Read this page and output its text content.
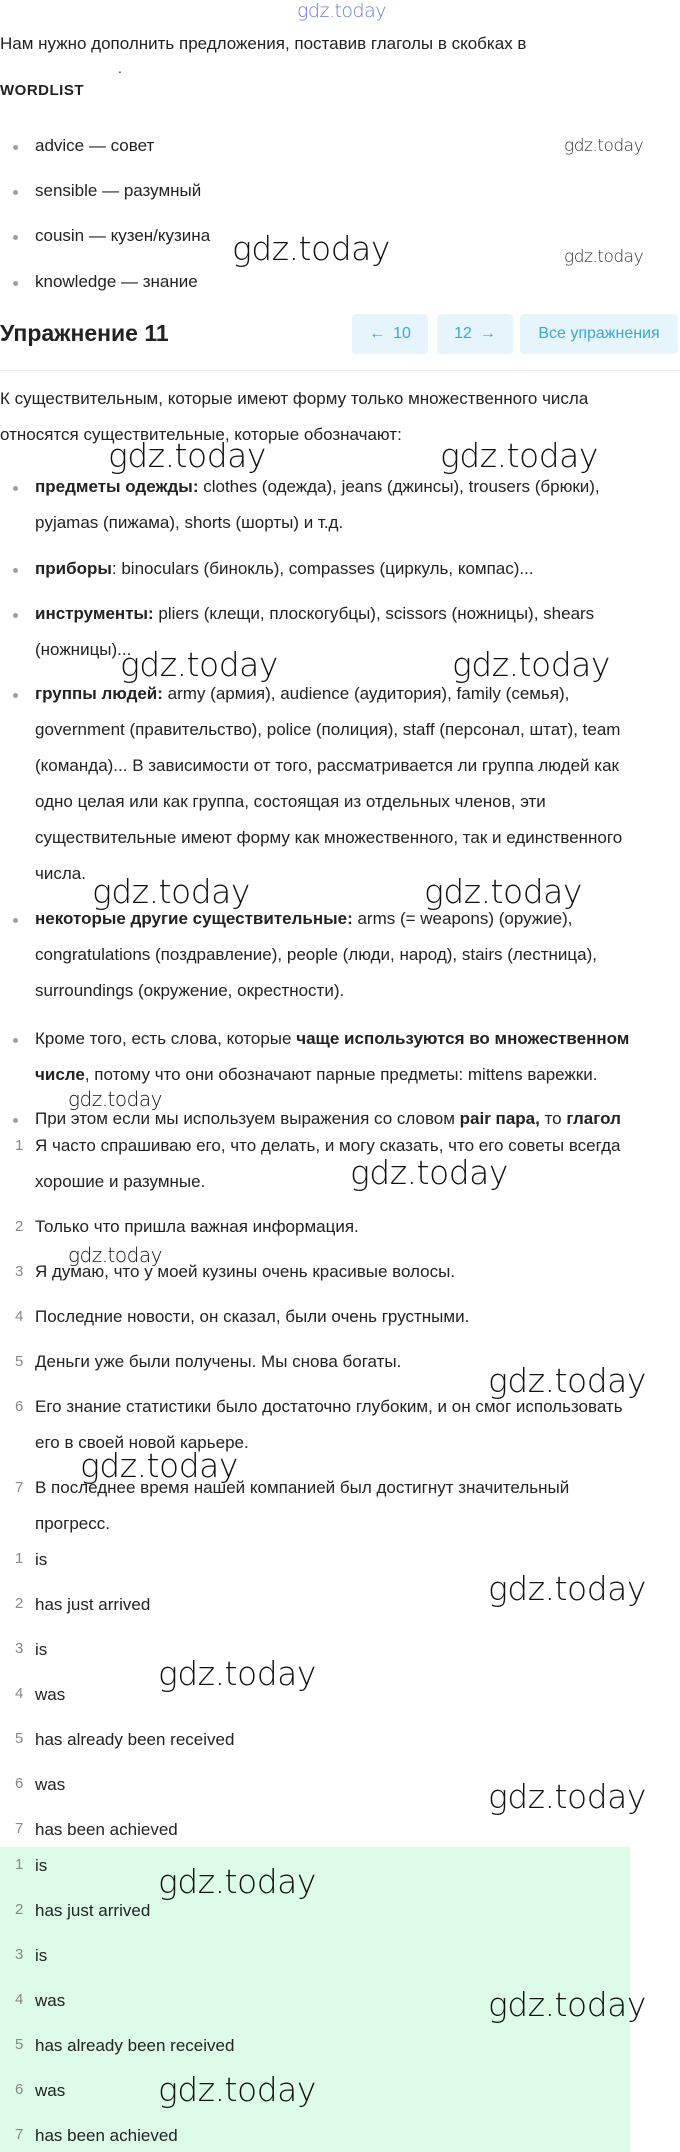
gdz.today
Нам нужно дополнить предложения, поставив глаголы в скобках в
.
WORDLIST
advice — совет
sensible — разумный
cousin — кузен/кузина
knowledge — знание
Упражнение 11	← 10	12 →	Все упражнения
К существительным, которые имеют форму только множественного числа
относятся существительные, которые обозначают:
предметы одежды: clothes (одежда), jeans (джинсы), trousers (брюки),
pyjamas (пижама), shorts (шорты) и т.д.
приборы: binoculars (бинокль), compasses (циркуль, компас)...
инструменты: pliers (клещи, плоскогубцы), scissors (ножницы), shears
(ножницы)...
группы людей: army (армия), audience (аудитория), family (семья),
government (правительство), police (полиция), staff (персонал, штат), team
(команда)... В зависимости от того, рассматривается ли группа людей как
одно целая или как группа, состоящая из отдельных членов, эти
существительные имеют форму как множественного, так и единственного
числа.
некоторые другие существительные: arms (= weapons) (оружие),
congratulations (поздравление), people (люди, народ), stairs (лестница),
surroundings (окружение, окрестности).
Кроме того, есть слова, которые чаще используются во множественном
числе, потому что они обозначают парные предметы: mittens варежки.
При этом если мы используем выражения со словом pair пара, то глагол
1 Я часто спрашиваю его, что делать, и могу сказать, что его советы всегда
хорошие и разумные.
2 Только что пришла важная информация.
3 Я думаю, что у моей кузины очень красивые волосы.
4 Последние новости, он сказал, были очень грустными.
5 Деньги уже были получены. Мы снова богаты.
6 Его знание статистики было достаточно глубоким, и он смог использовать
его в своей новой карьере.
7 В последнее время нашей компанией был достигнут значительный
прогресс.
1 is
2 has just arrived
3 is
4 was
5 has already been received
6 was
7 has been achieved
1 is
2 has just arrived
3 is
4 was
5 has already been received
6 was
7 has been achieved
gdz.today
gdz.today	gdz.today
gdz.today	gdz.today
gdz.today	gdz.today
gdz.today	gdz.today
gdz.today
gdz.today
gdz.today
gdz.today
gdz.today
gdz.today
gdz.today
gdz.today
gdz.today
gdz.today
gdz.today
